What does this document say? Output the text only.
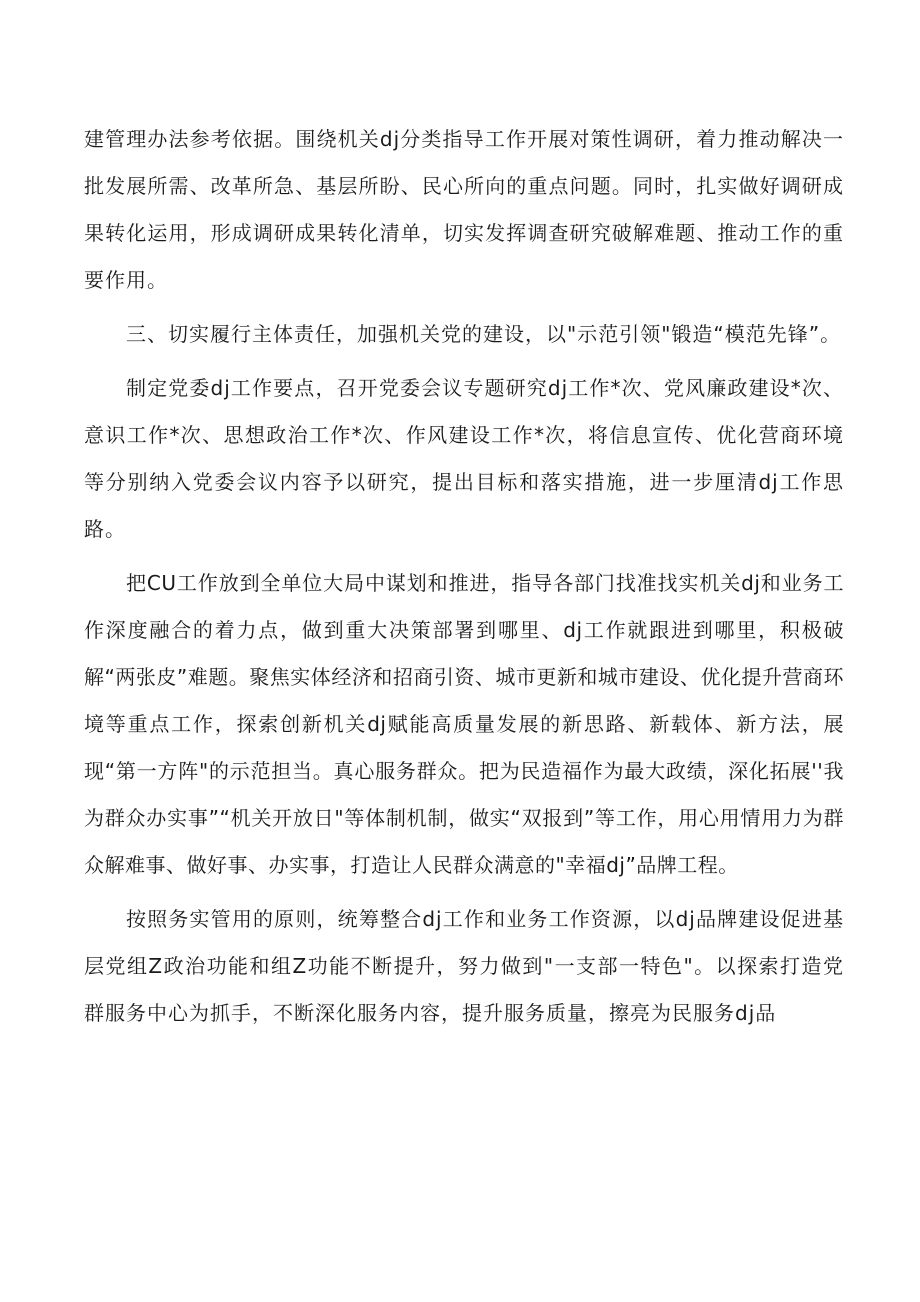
建管理办法参考依据。围绕机关dj分类指导工作开展对策性调研，着力推动解决一批发展所需、改革所急、基层所盼、民心所向的重点问题。同时，扎实做好调研成果转化运用，形成调研成果转化清单，切实发挥调查研究破解难题、推动工作的重要作用。

三、切实履行主体责任，加强机关党的建设，以"示范引领"锻造“模范先锋”。

制定党委dj工作要点，召开党委会议专题研究dj工作*次、党风廉政建设*次、意识工作*次、思想政治工作*次、作风建设工作*次，将信息宣传、优化营商环境等分别纳入党委会议内容予以研究，提出目标和落实措施，进一步厘清dj工作思路。

把CU工作放到全单位大局中谋划和推进，指导各部门找准找实机关dj和业务工作深度融合的着力点，做到重大决策部署到哪里、dj工作就跟进到哪里，积极破解“两张皮”难题。聚焦实体经济和招商引资、城市更新和城市建设、优化提升营商环境等重点工作，探索创新机关dj赋能高质量发展的新思路、新载体、新方法，展现“第一方阵"的示范担当。真心服务群众。把为民造福作为最大政绩，深化拓展''我为群众办实事”“机关开放日"等体制机制，做实“双报到”等工作，用心用情用力为群众解难事、做好事、办实事，打造让人民群众满意的"幸福dj”品牌工程。

按照务实管用的原则，统筹整合dj工作和业务工作资源，以dj品牌建设促进基层党组Z政治功能和组Z功能不断提升，努力做到"一支部一特色"。以探索打造党群服务中心为抓手，不断深化服务内容，提升服务质量，擦亮为民服务dj品
